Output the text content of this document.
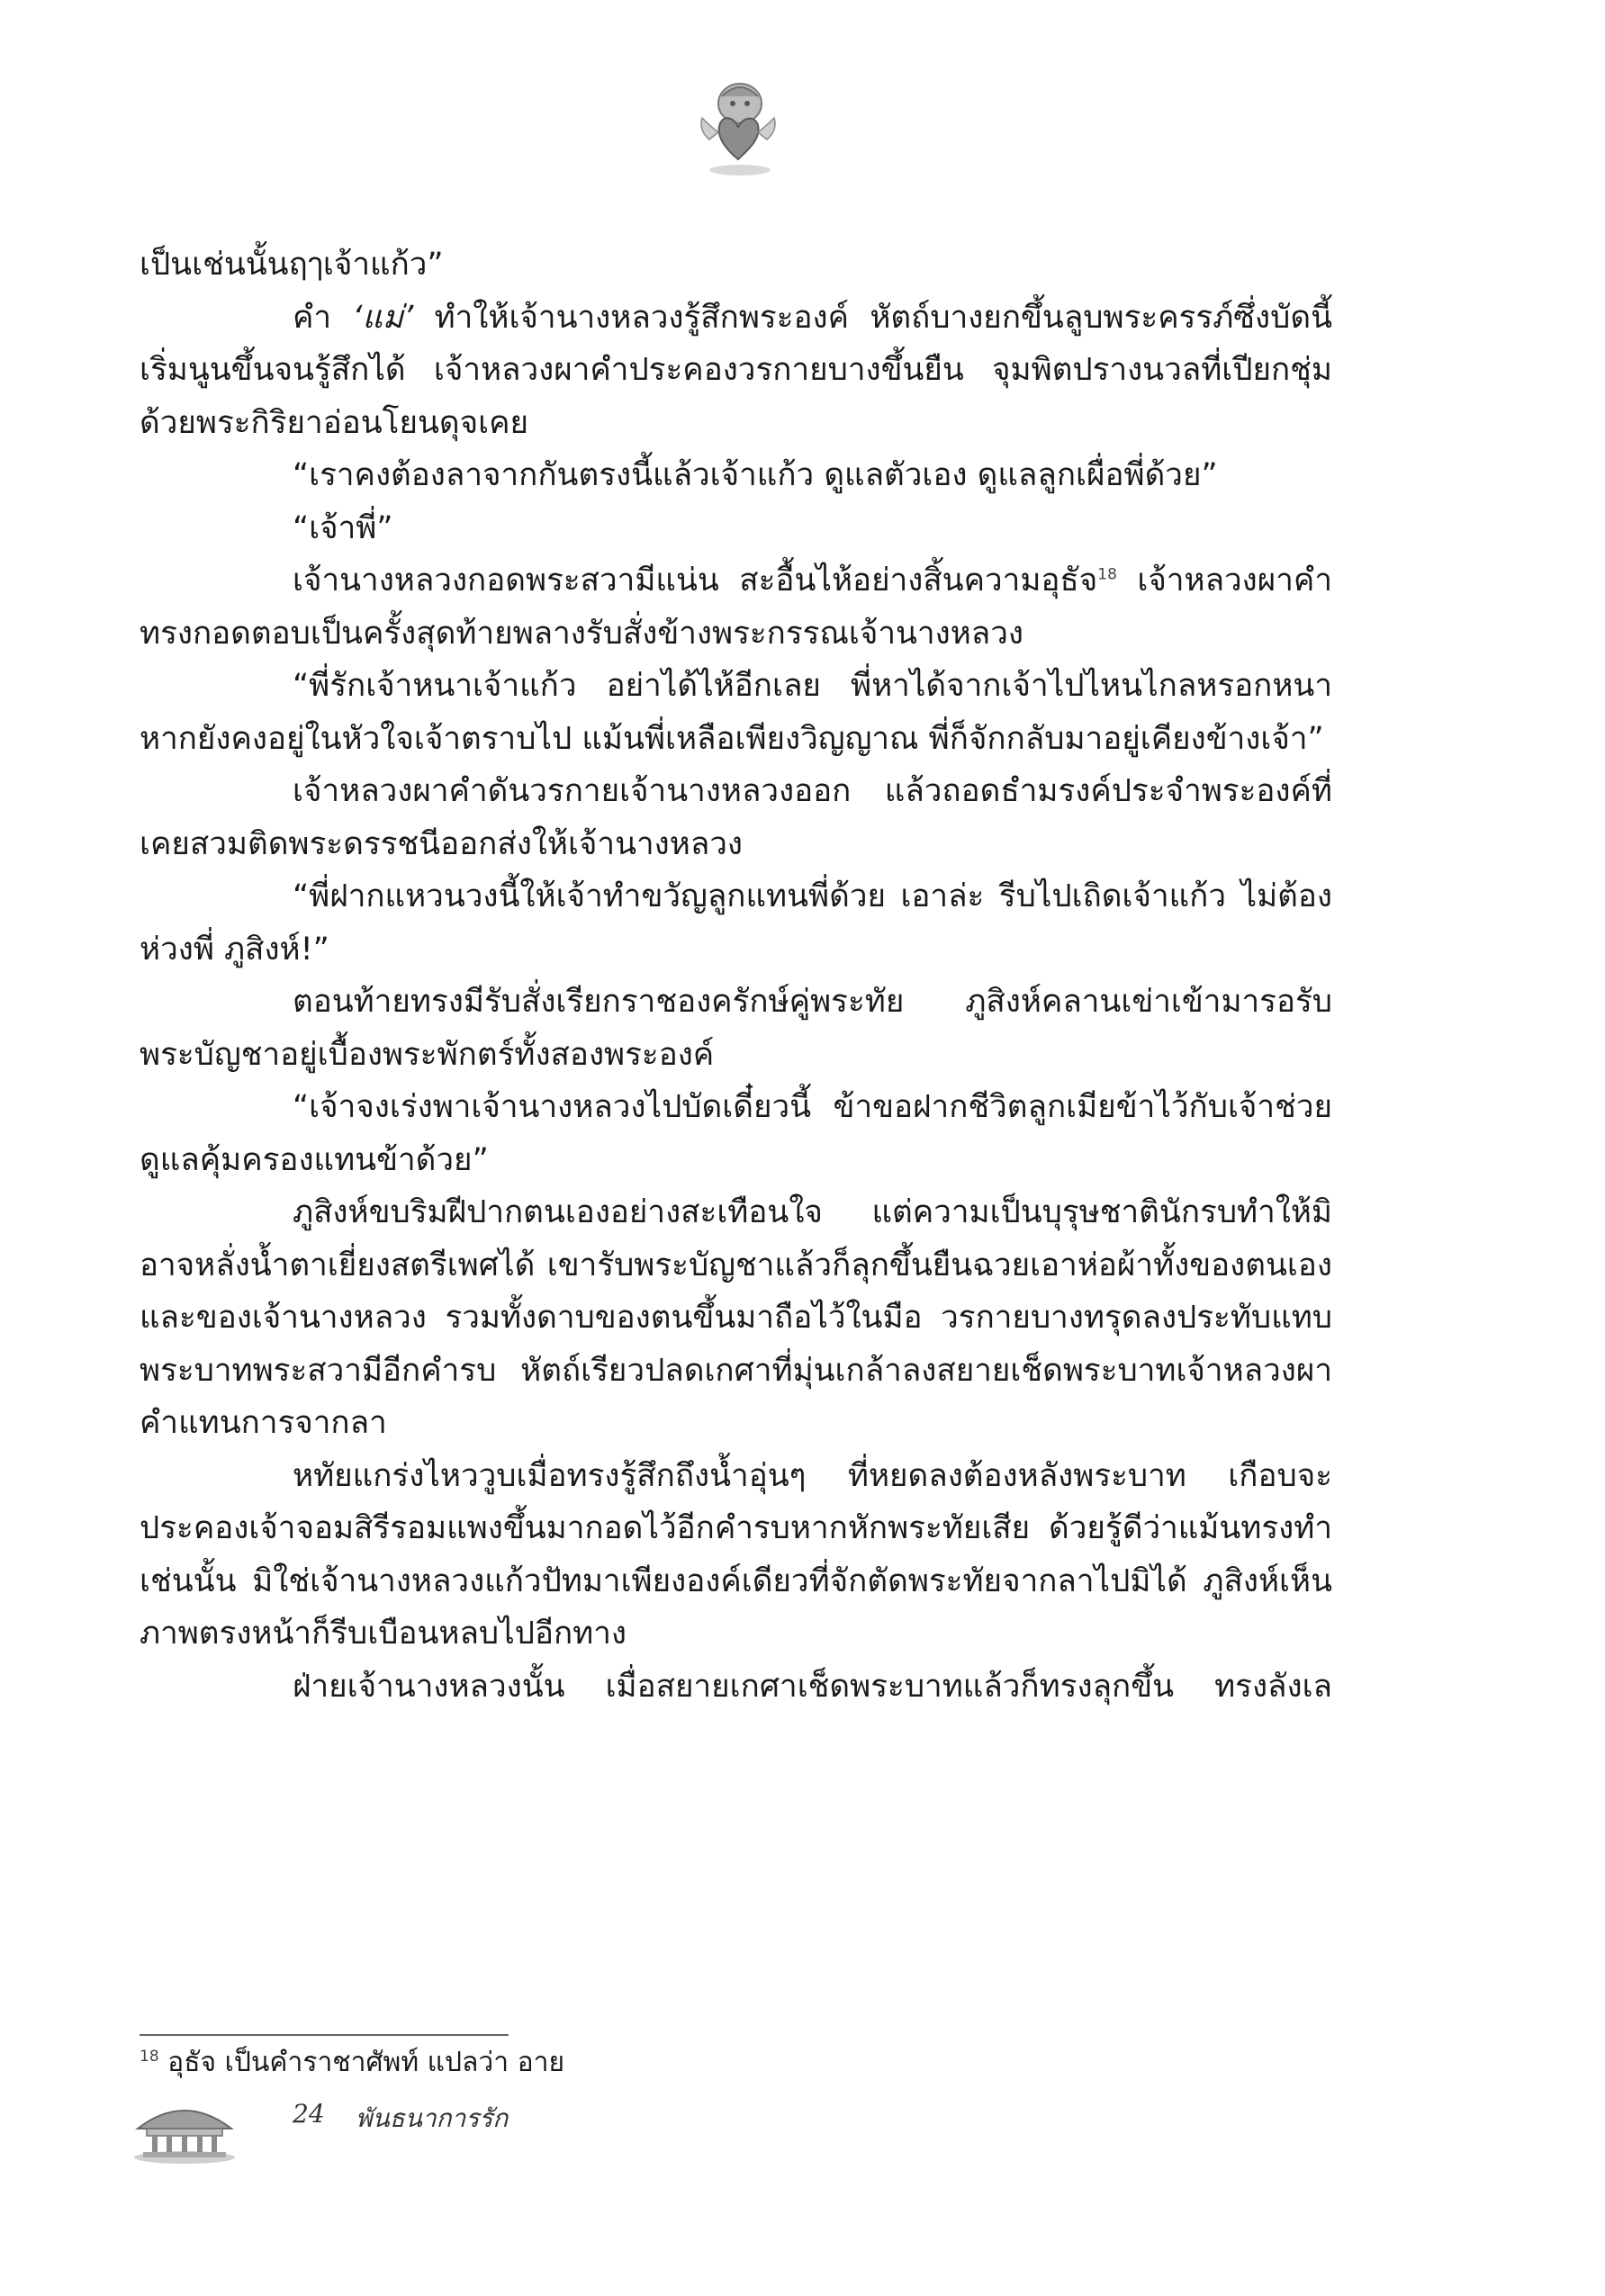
เป็นเช่นนั้นฤๅเจ้าแก้ว”

คำ ‘แม่’ ทำให้เจ้านางหลวงรู้สึกพระองค์ หัตถ์บางยกขึ้นลูบพระครรภ์ซึ่งบัดนี้เริ่มนูนขึ้นจนรู้สึกได้ เจ้าหลวงผาคำประคองวรกายบางขึ้นยืน จุมพิตปรางนวลที่เปียกชุ่มด้วยพระกิริยาอ่อนโยนดุจเคย

“เราคงต้องลาจากกันตรงนี้แล้วเจ้าแก้ว ดูแลตัวเอง ดูแลลูกเผื่อพี่ด้วย”

“เจ้าพี่”

เจ้านางหลวงกอดพระสวามีแน่น สะอื้นไห้อย่างสิ้นความอุธัจ$^{18}$ เจ้าหลวงผาคำทรงกอดตอบเป็นครั้งสุดท้ายพลางรับสั่งข้างพระกรรณเจ้านางหลวง

“พี่รักเจ้าหนาเจ้าแก้ว อย่าได้ไห้อีกเลย พี่หาได้จากเจ้าไปไหนไกลหรอกหนา หากยังคงอยู่ในหัวใจเจ้าตราบไป แม้นพี่เหลือเพียงวิญญาณ พี่ก็จักกลับมาอยู่เคียงข้างเจ้า”

เจ้าหลวงผาคำดันวรกายเจ้านางหลวงออก แล้วถอดธำมรงค์ประจำพระองค์ที่เคยสวมติดพระดรรชนีออกส่งให้เจ้านางหลวง

“พี่ฝากแหวนวงนี้ให้เจ้าทำขวัญลูกแทนพี่ด้วย เอาล่ะ รีบไปเถิดเจ้าแก้ว ไม่ต้องห่วงพี่ ภูสิงห์!”

ตอนท้ายทรงมีรับสั่งเรียกราชองครักษ์คู่พระทัย ภูสิงห์คลานเข่าเข้ามารอรับพระบัญชาอยู่เบื้องพระพักตร์ทั้งสองพระองค์

“เจ้าจงเร่งพาเจ้านางหลวงไปบัดเดี๋ยวนี้ ข้าขอฝากชีวิตลูกเมียข้าไว้กับเจ้าช่วยดูแลคุ้มครองแทนข้าด้วย”

ภูสิงห์ขบริมฝีปากตนเองอย่างสะเทือนใจ แต่ความเป็นบุรุษชาตินักรบทำให้มิอาจหลั่งน้ำตาเยี่ยงสตรีเพศได้ เขารับพระบัญชาแล้วก็ลุกขึ้นยืนฉวยเอาห่อผ้าทั้งของตนเองและของเจ้านางหลวง รวมทั้งดาบของตนขึ้นมาถือไว้ในมือ วรกายบางทรุดลงประทับแทบพระบาทพระสวามีอีกคำรบ หัตถ์เรียวปลดเกศาที่มุ่นเกล้าลงสยายเช็ดพระบาทเจ้าหลวงผาคำแทนการจากลา

หทัยแกร่งไหววูบเมื่อทรงรู้สึกถึงน้ำอุ่นๆ ที่หยดลงต้องหลังพระบาท เกือบจะประคองเจ้าจอมสิรีรอมแพงขึ้นมากอดไว้อีกคำรบหากหักพระทัยเสีย ด้วยรู้ดีว่าแม้นทรงทำเช่นนั้น มิใช่เจ้านางหลวงแก้วปัทมาเพียงองค์เดียวที่จักตัดพระทัยจากลาไปมิได้ ภูสิงห์เห็นภาพตรงหน้าก็รีบเบือนหลบไปอีกทาง

ฝ่ายเจ้านางหลวงนั้น เมื่อสยายเกศาเช็ดพระบาทแล้วก็ทรงลุกขึ้น ทรงลังเล

$^{18}$ อุธัจ เป็นคำราชาศัพท์ แปลว่า อาย
24 พันธนาการรัก
